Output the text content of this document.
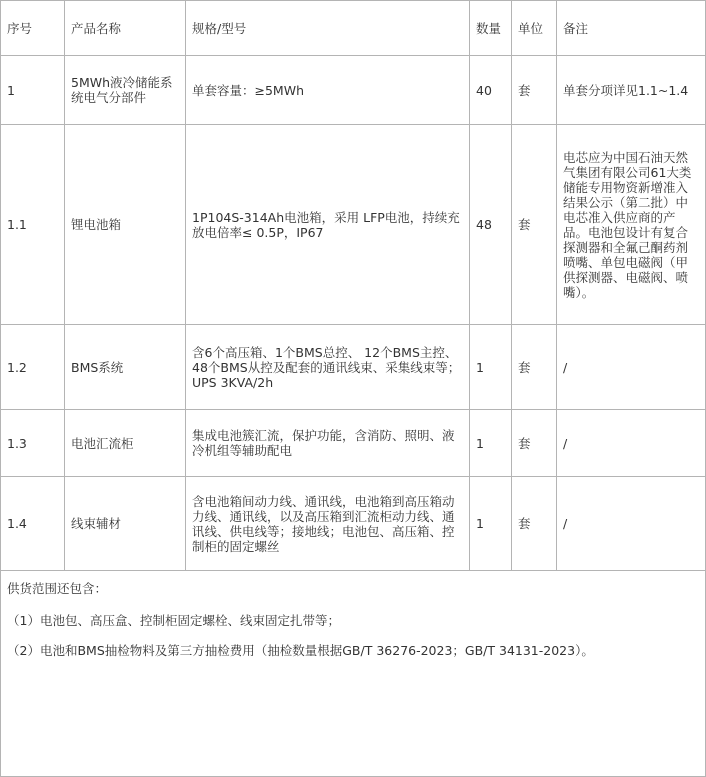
序号	产品名称	规格/型号	数量	单位	备注
1	5MWh液冷储能系统电气分部件	单套容量：≥5MWh	40	套	单套分项详见1.1~1.4
1.1	锂电池箱	1P104S-314Ah电池箱，采用 LFP电池，持续充放电倍率≤ 0.5P，IP67	48	套	电芯应为中国石油天然气集团有限公司61大类储能专用物资新增准入结果公示（第二批）中电芯准入供应商的产品。电池包设计有复合探测器和全氟己酮药剂喷嘴、单包电磁阀（甲供探测器、电磁阀、喷嘴）。
1.2	BMS系统	含6个高压箱、1个BMS总控、 12个BMS主控、48个BMS从控及配套的通讯线束、采集线束等；UPS 3KVA/2h	1	套	/
1.3	电池汇流柜	集成电池簇汇流，保护功能，含消防、照明、液冷机组等辅助配电	1	套	/
1.4	线束辅材	含电池箱间动力线、通讯线，电池箱到高压箱动力线、通讯线，以及高压箱到汇流柜动力线、通讯线、供电线等；接地线；电池包、高压箱、控制柜的固定螺丝	1	套	/

供货范围还包含：
（1）电池包、高压盒、控制柜固定螺栓、线束固定扎带等；
（2）电池和BMS抽检物料及第三方抽检费用（抽检数量根据GB/T 36276-2023；GB/T 34131-2023）。					
